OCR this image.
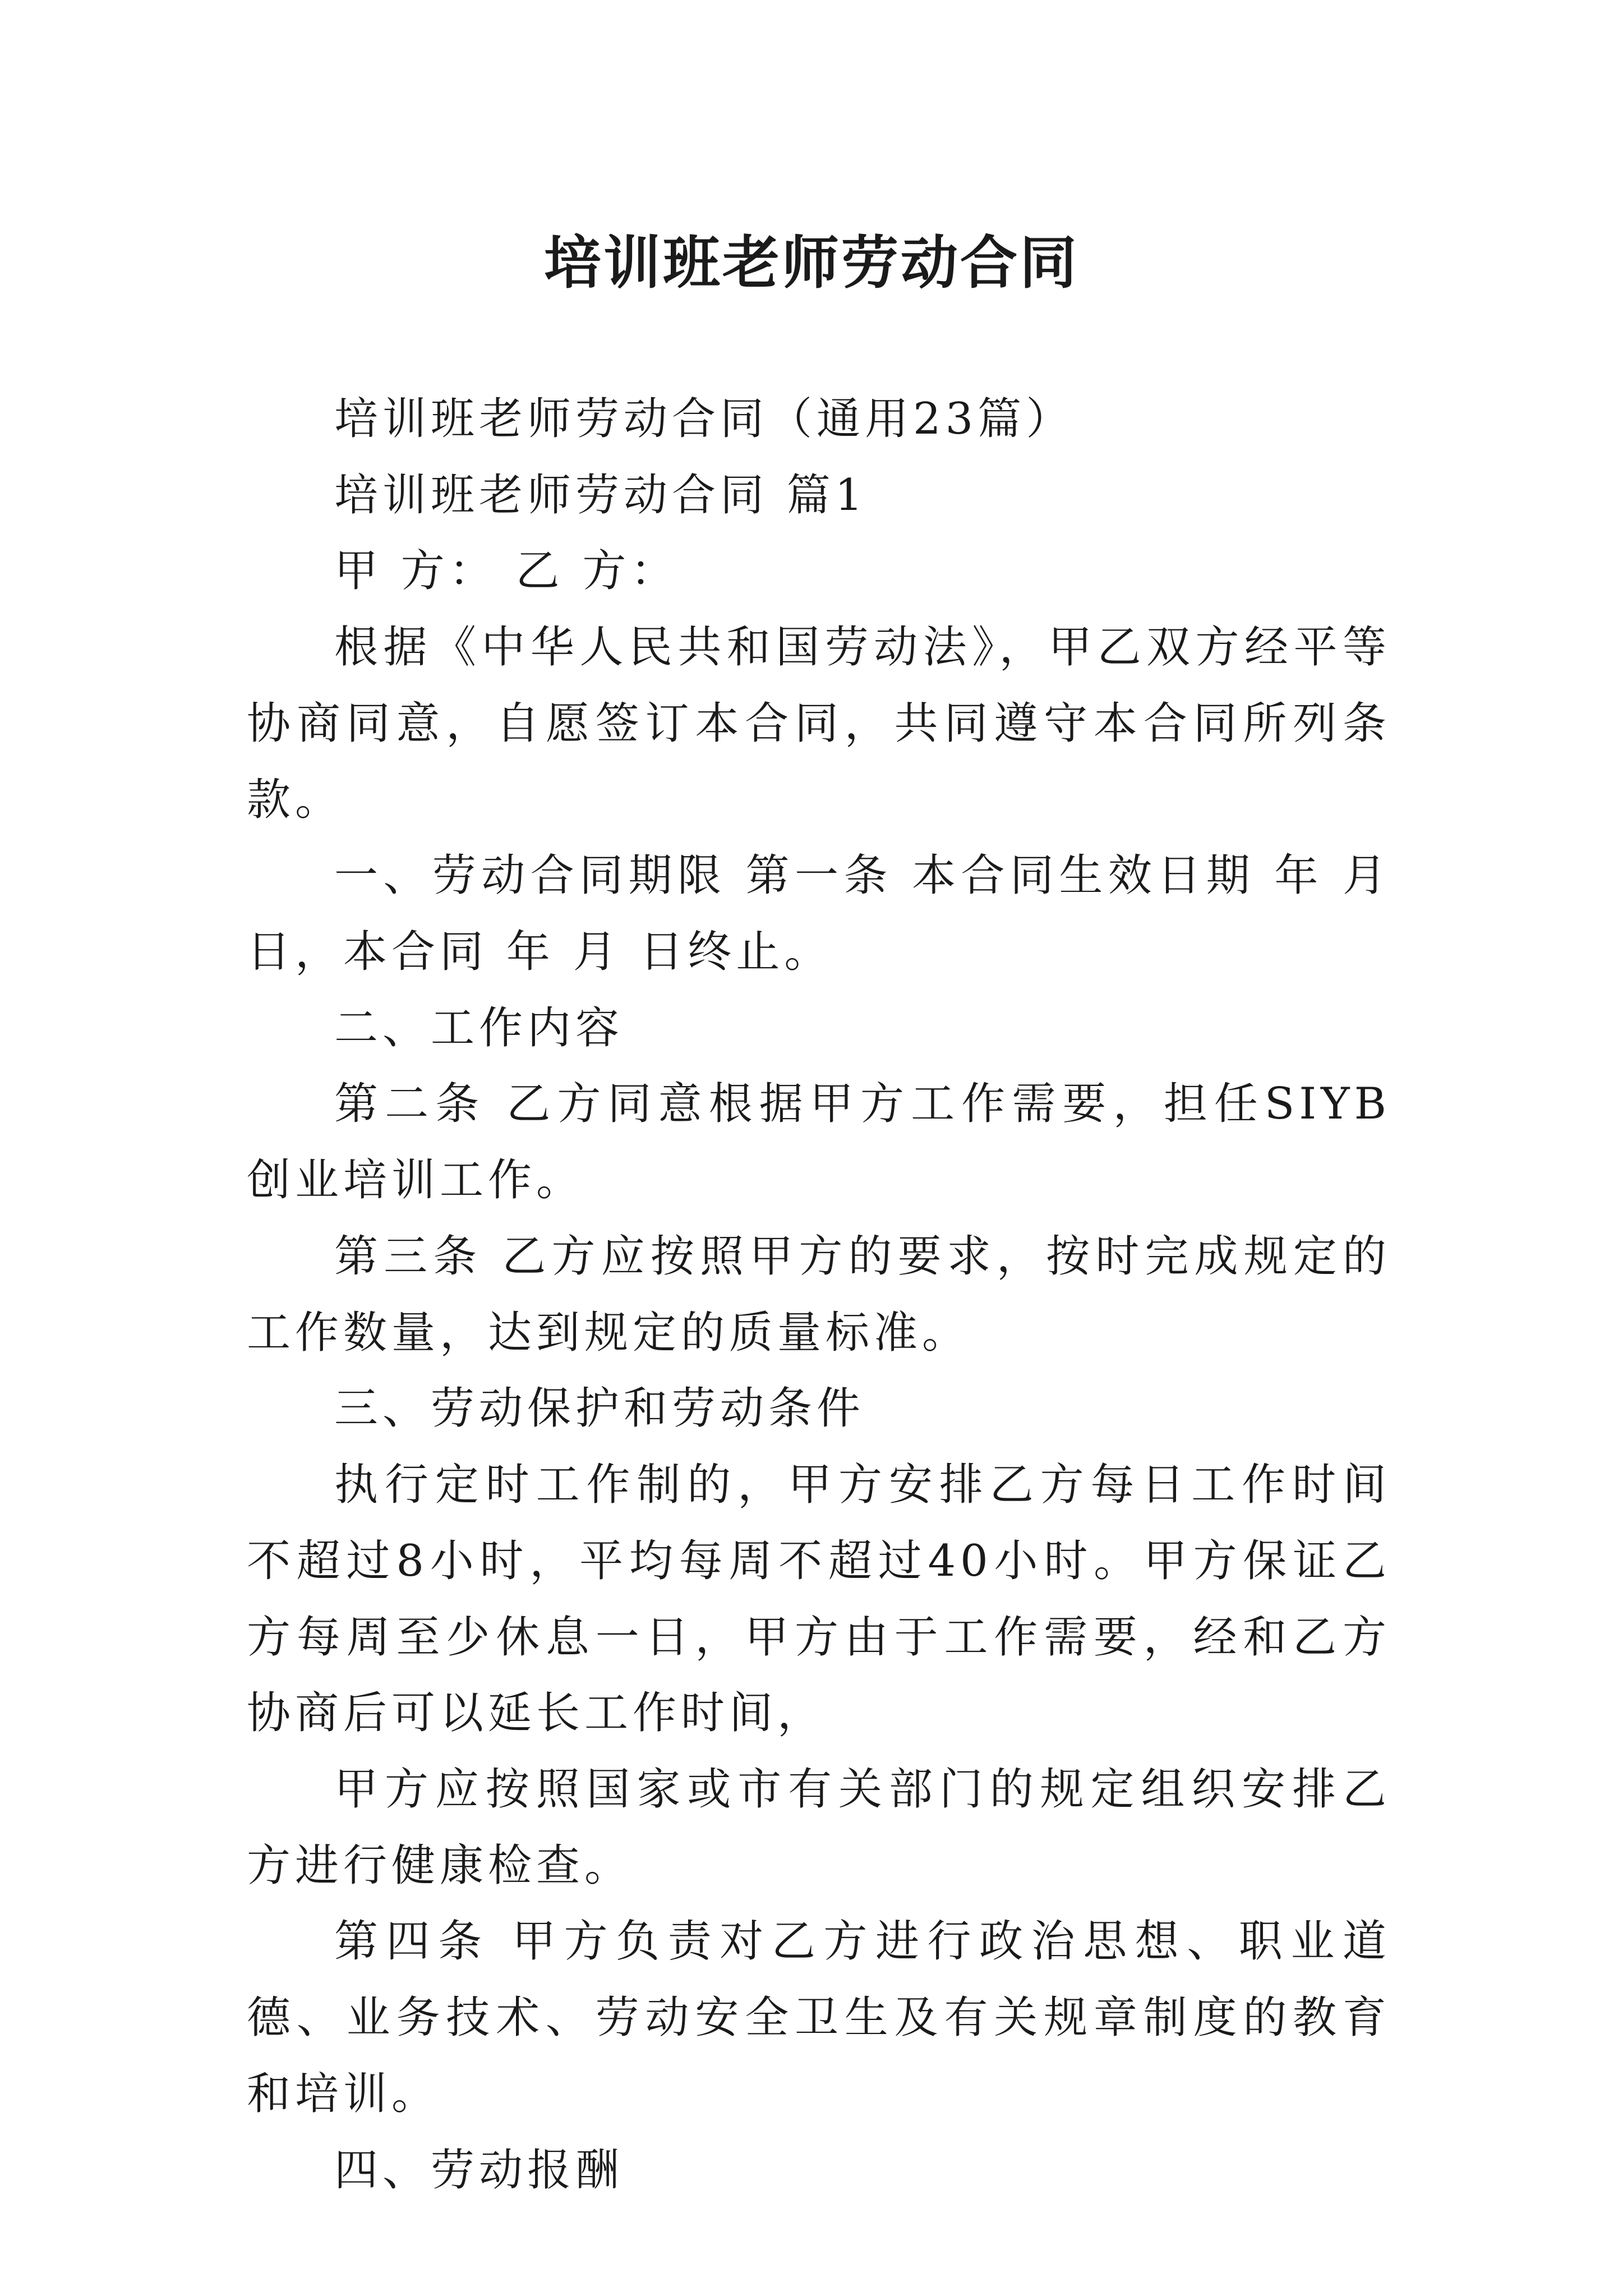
培训班老师劳动合同

培训班老师劳动合同（通用23篇）

培训班老师劳动合同 篇1

甲 方： 乙 方：

根据《中华人民共和国劳动法》，甲乙双方经平等协商同意，自愿签订本合同，共同遵守本合同所列条款。

一、劳动合同期限 第一条 本合同生效日期 年 月 日，本合同 年 月 日终止。

二、工作内容

第二条 乙方同意根据甲方工作需要，担任SIYB创业培训工作。

第三条 乙方应按照甲方的要求，按时完成规定的工作数量，达到规定的质量标准。

三、劳动保护和劳动条件

执行定时工作制的，甲方安排乙方每日工作时间不超过8小时，平均每周不超过40小时。甲方保证乙方每周至少休息一日，甲方由于工作需要，经和乙方协商后可以延长工作时间，

甲方应按照国家或市有关部门的规定组织安排乙方进行健康检查。

第四条 甲方负责对乙方进行政治思想、职业道德、业务技术、劳动安全卫生及有关规章制度的教育和培训。

四、劳动报酬
